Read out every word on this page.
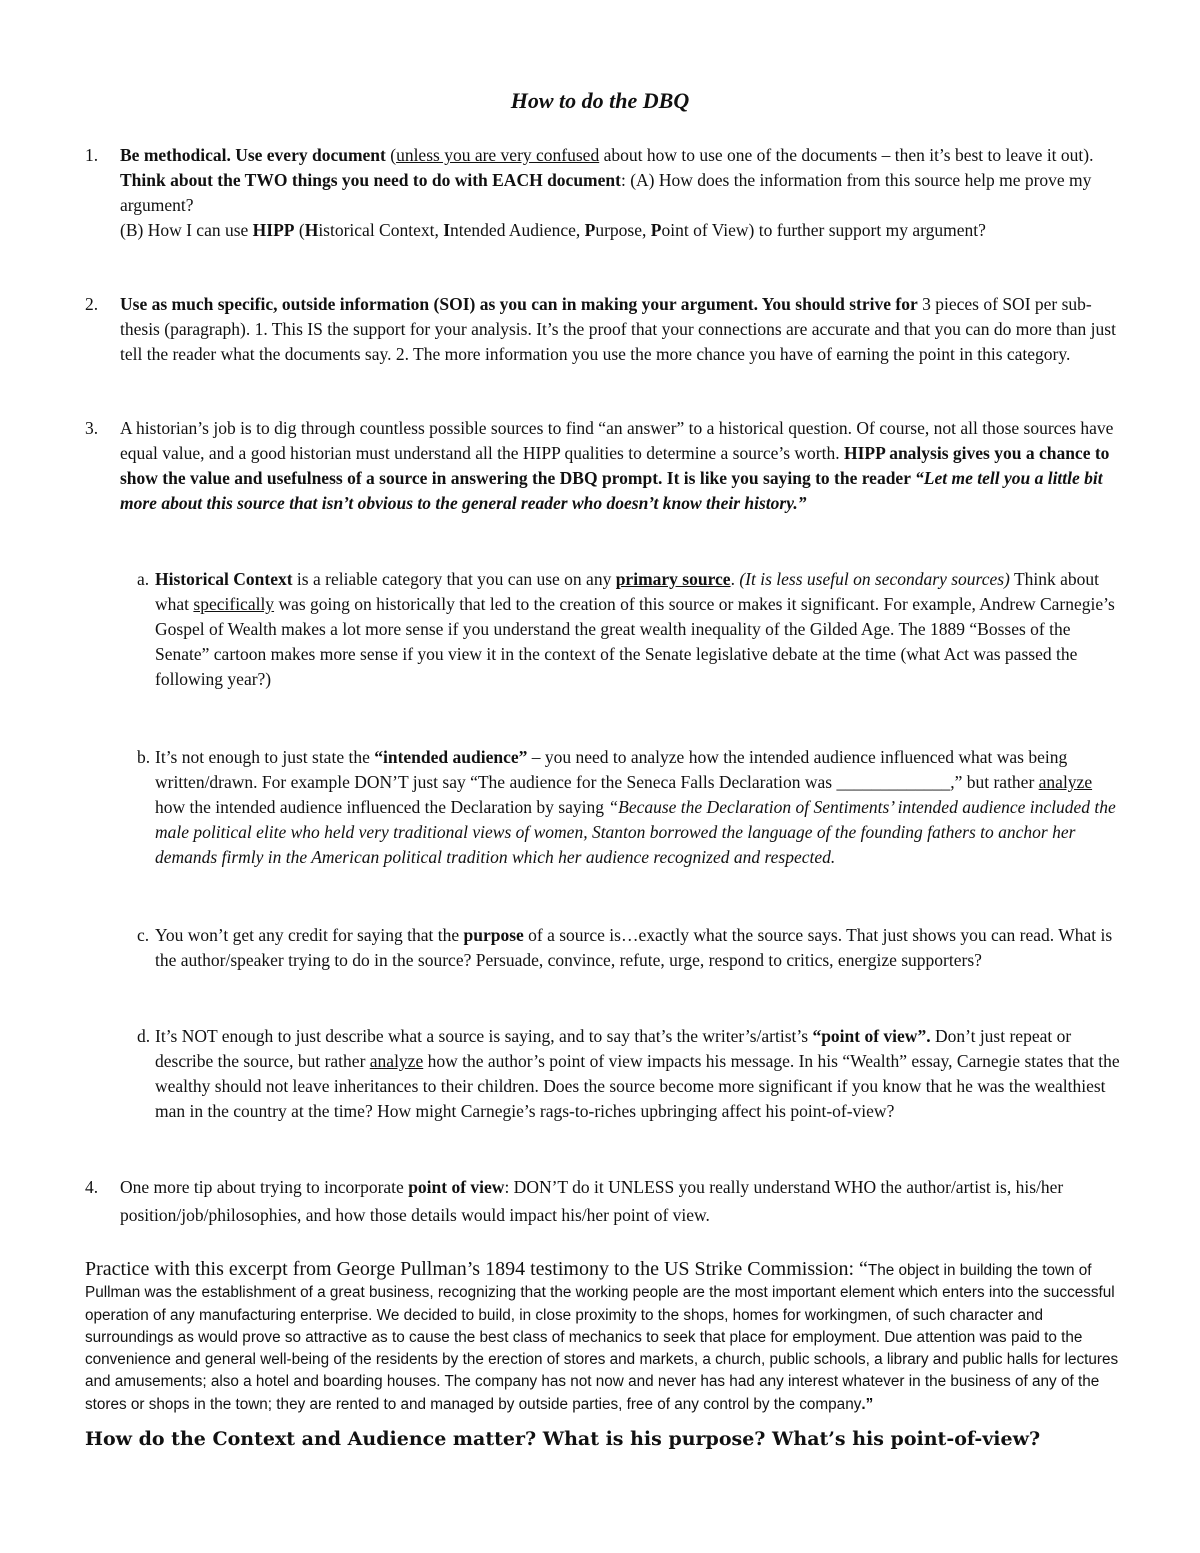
How to do the DBQ
1.	Be methodical. Use every document (unless you are very confused about how to use one of the documents – then it’s best to leave it out). Think about the TWO things you need to do with EACH document: (A) How does the information from this source help me prove my argument?
(B) How I can use HIPP (Historical Context, Intended Audience, Purpose, Point of View) to further support my argument?
2.	Use as much specific, outside information (SOI) as you can in making your argument. You should strive for 3 pieces of SOI per sub-thesis (paragraph). 1. This IS the support for your analysis. It’s the proof that your connections are accurate and that you can do more than just tell the reader what the documents say. 2. The more information you use the more chance you have of earning the point in this category.
3.	A historian’s job is to dig through countless possible sources to find “an answer” to a historical question. Of course, not all those sources have equal value, and a good historian must understand all the HIPP qualities to determine a source’s worth. HIPP analysis gives you a chance to show the value and usefulness of a source in answering the DBQ prompt. It is like you saying to the reader “Let me tell you a little bit more about this source that isn’t obvious to the general reader who doesn’t know their history.”
a. Historical Context is a reliable category that you can use on any primary source. (It is less useful on secondary sources) Think about what specifically was going on historically that led to the creation of this source or makes it significant. For example, Andrew Carnegie’s Gospel of Wealth makes a lot more sense if you understand the great wealth inequality of the Gilded Age. The 1889 “Bosses of the Senate” cartoon makes more sense if you view it in the context of the Senate legislative debate at the time (what Act was passed the following year?)
b. It’s not enough to just state the “intended audience” – you need to analyze how the intended audience influenced what was being written/drawn. For example DON’T just say “The audience for the Seneca Falls Declaration was _____________,” but rather analyze how the intended audience influenced the Declaration by saying “Because the Declaration of Sentiments’ intended audience included the male political elite who held very traditional views of women, Stanton borrowed the language of the founding fathers to anchor her demands firmly in the American political tradition which her audience recognized and respected.
c. You won’t get any credit for saying that the purpose of a source is…exactly what the source says. That just shows you can read. What is the author/speaker trying to do in the source? Persuade, convince, refute, urge, respond to critics, energize supporters?
d. It’s NOT enough to just describe what a source is saying, and to say that’s the writer’s/artist’s “point of view”. Don’t just repeat or describe the source, but rather analyze how the author’s point of view impacts his message. In his “Wealth” essay, Carnegie states that the wealthy should not leave inheritances to their children. Does the source become more significant if you know that he was the wealthiest man in the country at the time? How might Carnegie’s rags-to-riches upbringing affect his point-of-view?
4.	One more tip about trying to incorporate point of view: DON’T do it UNLESS you really understand WHO the author/artist is, his/her position/job/philosophies, and how those details would impact his/her point of view.
Practice with this excerpt from George Pullman’s 1894 testimony to the US Strike Commission: “The object in building the town of Pullman was the establishment of a great business, recognizing that the working people are the most important element which enters into the successful operation of any manufacturing enterprise. We decided to build, in close proximity to the shops, homes for workingmen, of such character and surroundings as would prove so attractive as to cause the best class of mechanics to seek that place for employment. Due attention was paid to the convenience and general well-being of the residents by the erection of stores and markets, a church, public schools, a library and public halls for lectures and amusements; also a hotel and boarding houses. The company has not now and never has had any interest whatever in the business of any of the stores or shops in the town; they are rented to and managed by outside parties, free of any control by the company.”
How do the Context and Audience matter? What is his purpose? What’s his point-of-view?
